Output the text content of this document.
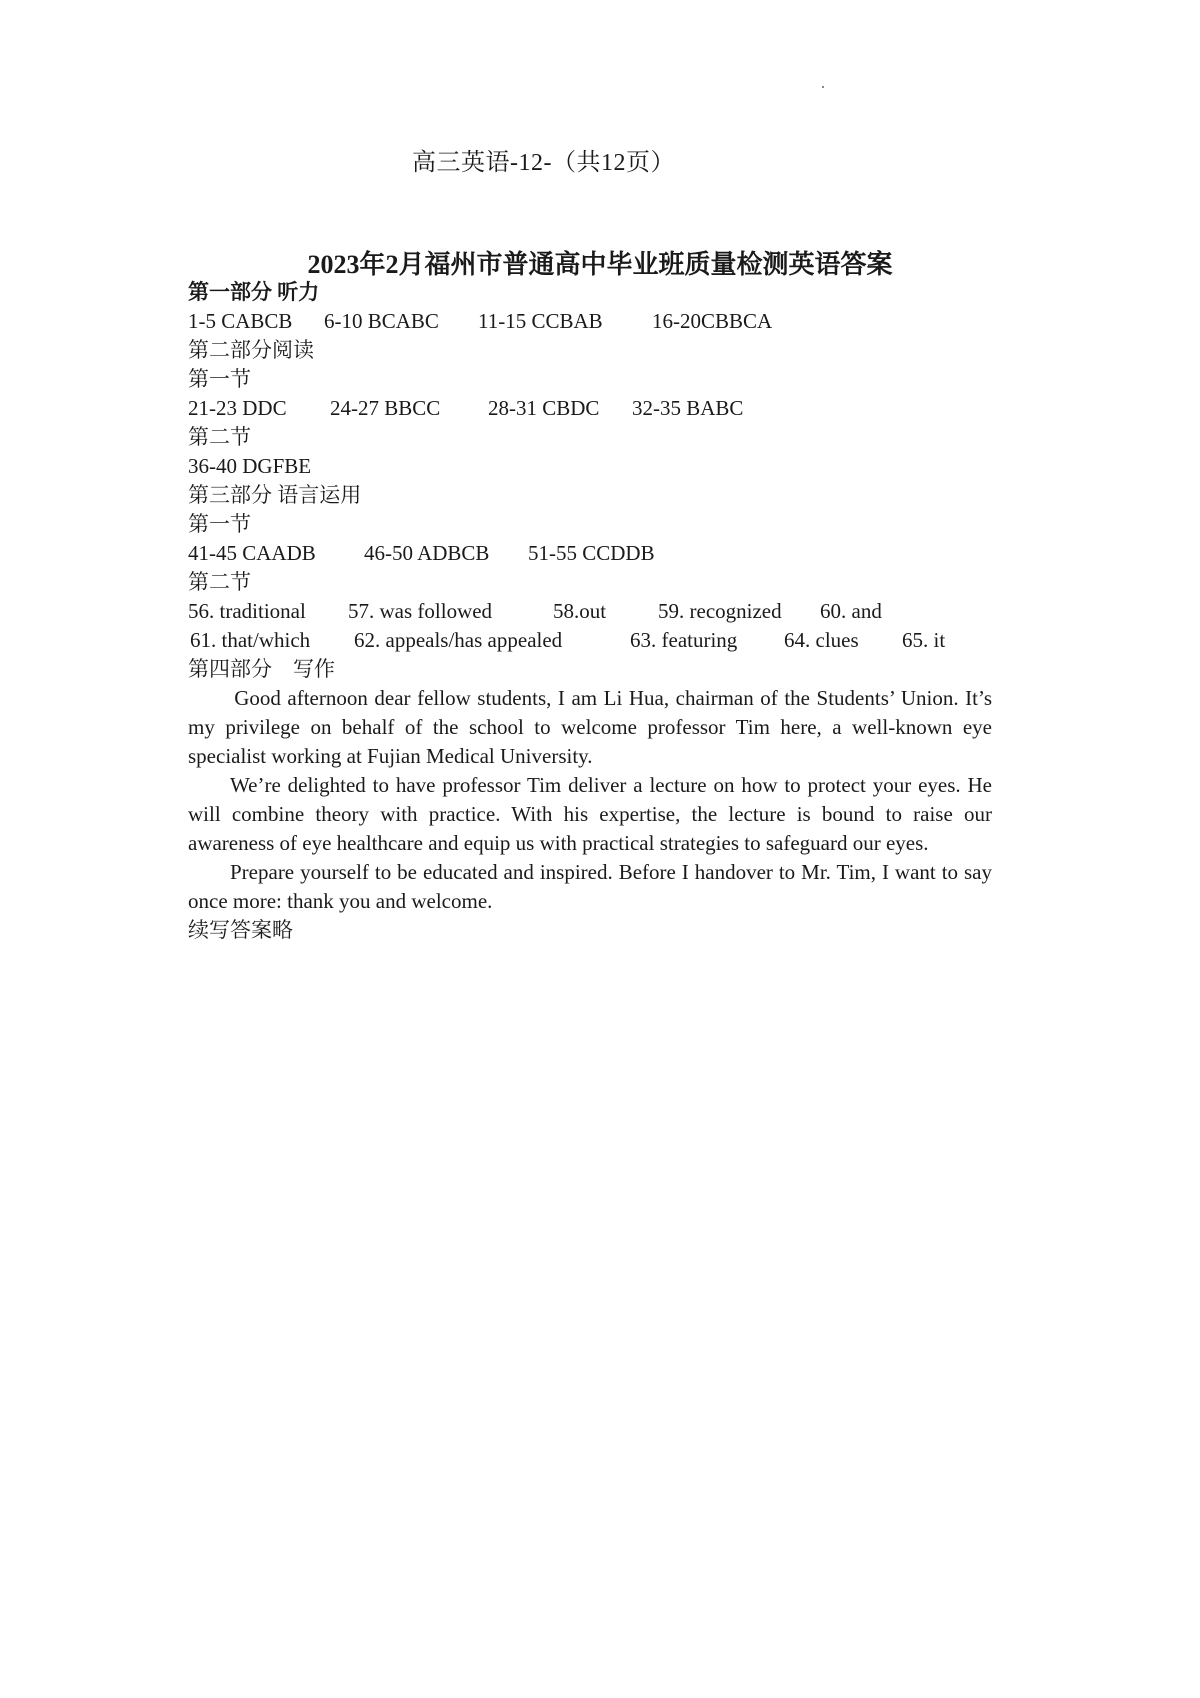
高三英语-12-（共12页）
2023年2月福州市普通高中毕业班质量检测英语答案
第一部分 听力
1-5 CABCB 6-10 BCABC 11-15 CCBAB 16-20CBBCA
第二部分阅读
第一节
21-23 DDC 24-27 BBCC 28-31 CBDC 32-35 BABC
第二节
36-40 DGFBE
第三部分 语言运用
第一节
41-45 CAADB 46-50 ADBCB 51-55 CCDDB
第二节
56. traditional 57. was followed	58.out 59. recognized 60. and
61. that/which 62. appeals/has appealed	63. featuring 64. clues 65. it
第四部分　写作

Good afternoon dear fellow students, I am Li Hua, chairman of the Students’ Union. It’s my privilege on behalf of the school to welcome professor Tim here, a well-known eye specialist working at Fujian Medical University.

We’re delighted to have professor Tim deliver a lecture on how to protect your eyes. He will combine theory with practice. With his expertise, the lecture is bound to raise our awareness of eye healthcare and equip us with practical strategies to safeguard our eyes.

Prepare yourself to be educated and inspired. Before I handover to Mr. Tim, I want to say once more: thank you and welcome.

续写答案略
